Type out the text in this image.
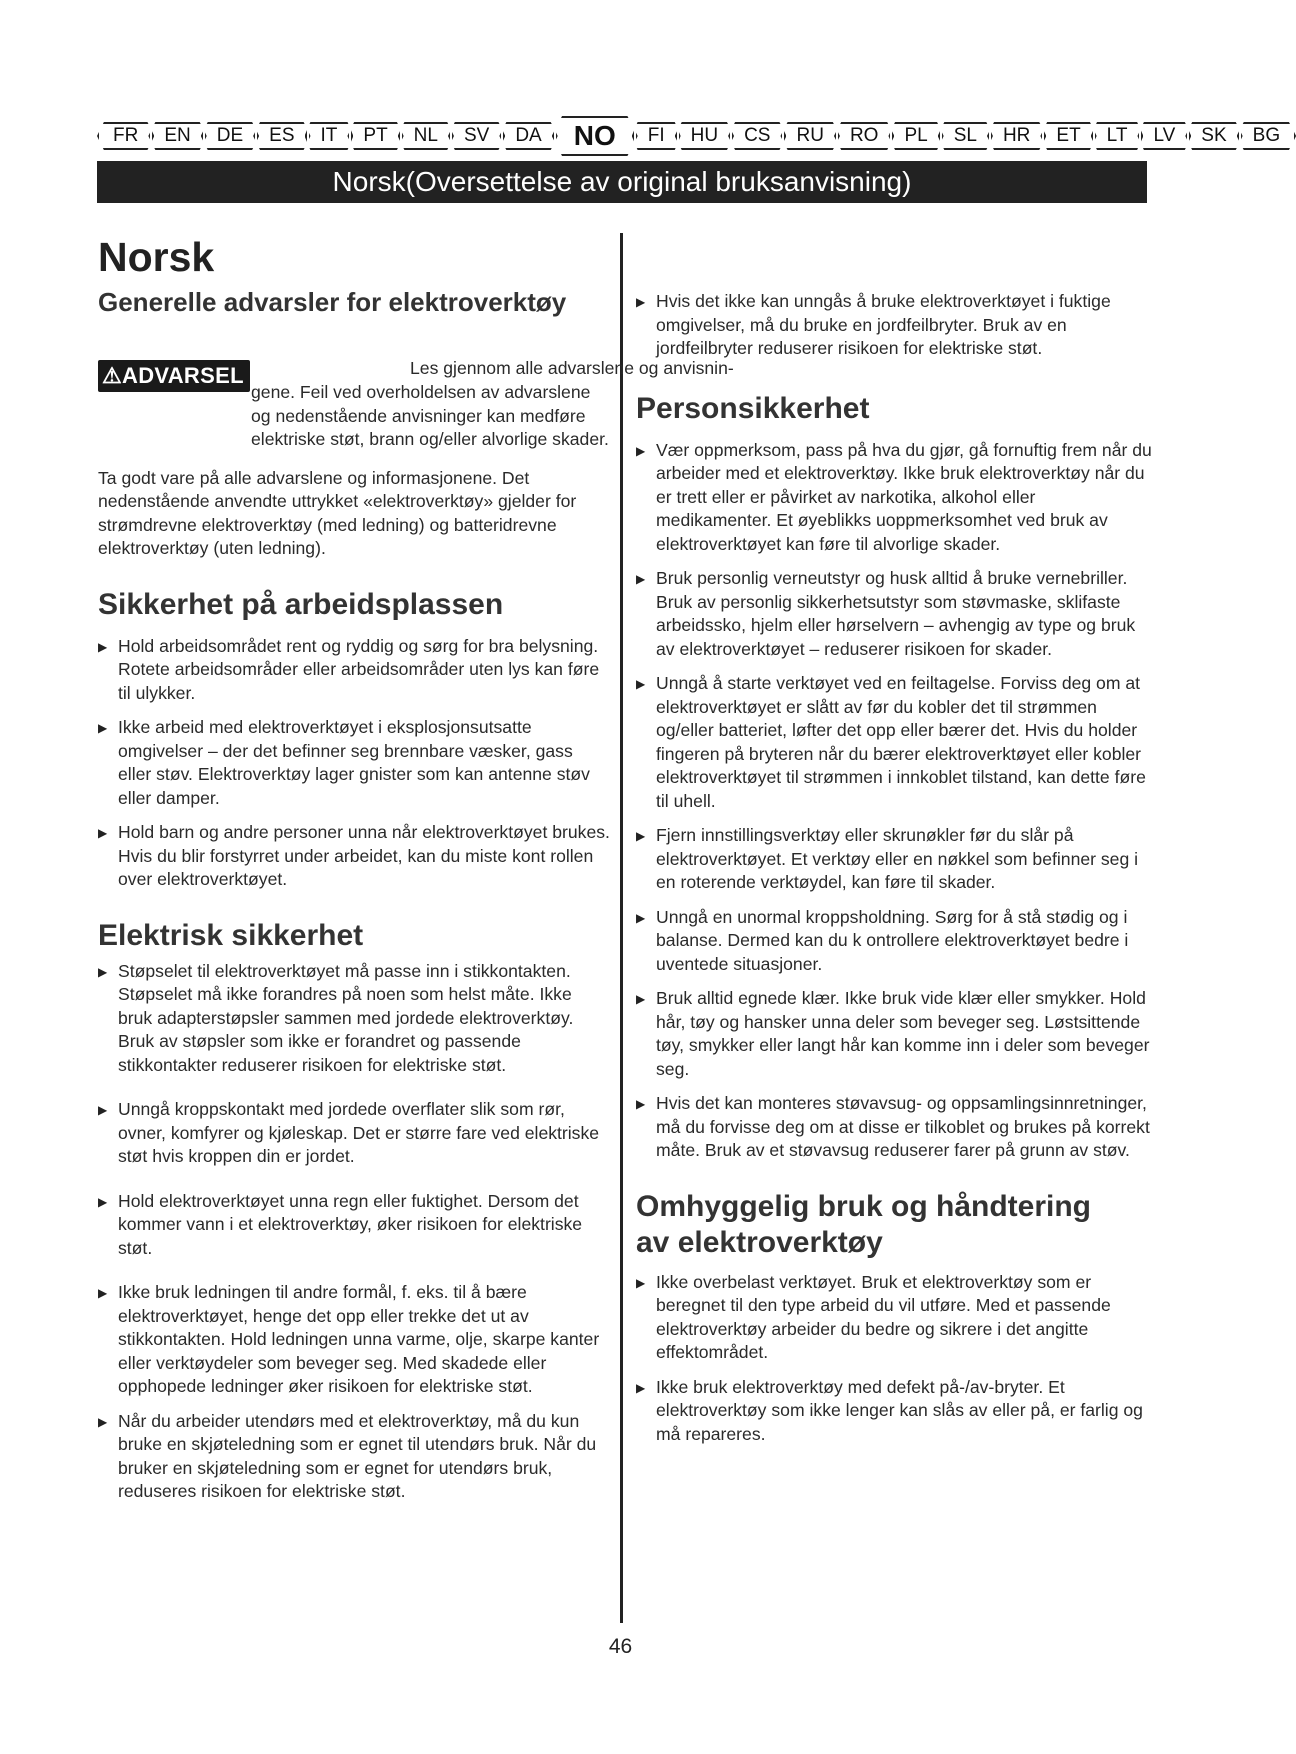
FR EN DE ES IT PT NL SV DA NO FI HU CS RU RO PL SL HR ET LT LV SK BG
Norsk(Oversettelse av original bruksanvisning)
Norsk
Generelle advarsler for elektroverktøy
⚠ADVARSEL	Les gjennom alle advarslene og anvisnin-
gene. Feil ved overholdelsen av advarslene og nedenstående anvisninger kan medføre elektriske støt, brann og/eller alvorlige skader.

Ta godt vare på alle advarslene og informasjonene. Det nedenstående anvendte uttrykket «elektroverktøy» gjelder for strømdrevne elektroverktøy (med ledning) og batteridrevne elektroverktøy (uten ledning).

Sikkerhet på arbeidsplassen
▶ Hold arbeidsområdet rent og ryddig og sørg for bra belysning. Rotete arbeidsområder eller arbeidsområder uten lys kan føre til ulykker.
▶ Ikke arbeid med elektroverktøyet i eksplosjonsutsatte omgivelser – der det befinner seg brennbare væsker, gass eller støv. Elektroverktøy lager gnister som kan antenne støv eller damper.
▶ Hold barn og andre personer unna når elektroverktøyet brukes. Hvis du blir forstyrret under arbeidet, kan du miste kont rollen over elektroverktøyet.
Elektrisk sikkerhet
▶ Støpselet til elektroverktøyet må passe inn i stikkontakten. Støpselet må ikke forandres på noen som helst måte. Ikke bruk adapterstøpsler sammen med jordede elektroverktøy. Bruk av støpsler som ikke er forandret og passende stikkontakter reduserer risikoen for elektriske støt.
▶ Unngå kroppskontakt med jordede overflater slik som rør, ovner, komfyrer og kjøleskap. Det er større fare ved elektriske støt hvis kroppen din er jordet.
▶ Hold elektroverktøyet unna regn eller fuktighet. Dersom det kommer vann i et elektroverktøy, øker risikoen for elektriske støt.
▶ Ikke bruk ledningen til andre formål, f. eks. til å bære elektroverktøyet, henge det opp eller trekke det ut av stikkontakten. Hold ledningen unna varme, olje, skarpe kanter eller verktøydeler som beveger seg. Med skadede eller opphopede ledninger øker risikoen for elektriske støt.
▶ Når du arbeider utendørs med et elektroverktøy, må du kun bruke en skjøteledning som er egnet til utendørs bruk. Når du bruker en skjøteledning som er egnet for utendørs bruk, reduseres risikoen for elektriske støt.
▶ Hvis det ikke kan unngås å bruke elektroverktøyet i fuktige omgivelser, må du bruke en jordfeilbryter. Bruk av en jordfeilbryter reduserer risikoen for elektriske støt.
Personsikkerhet
▶ Vær oppmerksom, pass på hva du gjør, gå fornuftig frem når du arbeider med et elektroverktøy. Ikke bruk elektroverktøy når du er trett eller er påvirket av narkotika, alkohol eller medikamenter. Et øyeblikks uoppmerksomhet ved bruk av elektroverktøyet kan føre til alvorlige skader.
▶ Bruk personlig verneutstyr og husk alltid å bruke vernebriller. Bruk av personlig sikkerhetsutstyr som støvmaske, sklifaste arbeidssko, hjelm eller hørselvern – avhengig av type og bruk av elektroverktøyet – reduserer risikoen for skader.
▶ Unngå å starte verktøyet ved en feiltagelse. Forviss deg om at elektroverktøyet er slått av før du kobler det til strømmen og/eller batteriet, løfter det opp eller bærer det. Hvis du holder fingeren på bryteren når du bærer elektroverktøyet eller kobler elektroverktøyet til strømmen i innkoblet tilstand, kan dette føre til uhell.
▶ Fjern innstillingsverktøy eller skrunøkler før du slår på elektroverktøyet. Et verktøy eller en nøkkel som befinner seg i en roterende verktøydel, kan føre til skader.
▶ Unngå en unormal kroppsholdning. Sørg for å stå stødig og i balanse. Dermed kan du k ontrollere elektroverktøyet bedre i uventede situasjoner.
▶ Bruk alltid egnede klær. Ikke bruk vide klær eller smykker. Hold hår, tøy og hansker unna deler som beveger seg. Løstsittende tøy, smykker eller langt hår kan komme inn i deler som beveger seg.
▶ Hvis det kan monteres støvavsug- og oppsamlingsinnretninger, må du forvisse deg om at disse er tilkoblet og brukes på korrekt måte. Bruk av et støvavsug reduserer farer på grunn av støv.
Omhyggelig bruk og håndtering
av elektroverktøy
▶ Ikke overbelast verktøyet. Bruk et elektroverktøy som er beregnet til den type arbeid du vil utføre. Med et passende elektroverktøy arbeider du bedre og sikrere i det angitte effektområdet.
▶ Ikke bruk elektroverktøy med defekt på-/av-bryter. Et elektroverktøy som ikke lenger kan slås av eller på, er farlig og må repareres.
46
